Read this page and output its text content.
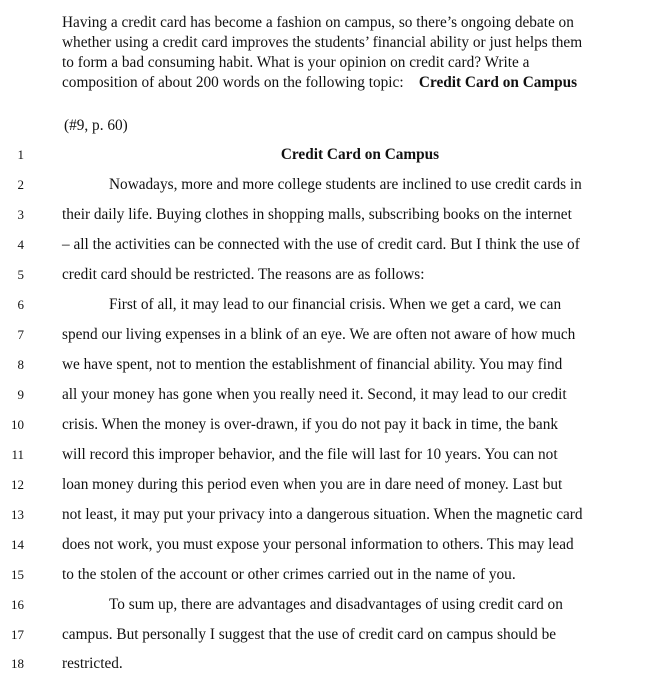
Having a credit card has become a fashion on campus, so there’s ongoing debate on
whether using a credit card improves the students’ financial ability or just helps them
to form a bad consuming habit. What is your opinion on credit card? Write a
composition of about 200 words on the following topic: Credit Card on Campus
(#9, p. 60)
1	Credit Card on Campus
2	Nowadays, more and more college students are inclined to use credit cards in
3 their daily life. Buying clothes in shopping malls, subscribing books on the internet
4 – all the activities can be connected with the use of credit card. But I think the use of
5 credit card should be restricted. The reasons are as follows:
6	First of all, it may lead to our financial crisis. When we get a card, we can
7 spend our living expenses in a blink of an eye. We are often not aware of how much
8 we have spent, not to mention the establishment of financial ability. You may find
9 all your money has gone when you really need it. Second, it may lead to our credit
10 crisis. When the money is over-drawn, if you do not pay it back in time, the bank
11 will record this improper behavior, and the file will last for 10 years. You can not
12 loan money during this period even when you are in dare need of money. Last but
13 not least, it may put your privacy into a dangerous situation. When the magnetic card
14 does not work, you must expose your personal information to others. This may lead
15 to the stolen of the account or other crimes carried out in the name of you.
16	To sum up, there are advantages and disadvantages of using credit card on
17 campus. But personally I suggest that the use of credit card on campus should be
18 restricted.
